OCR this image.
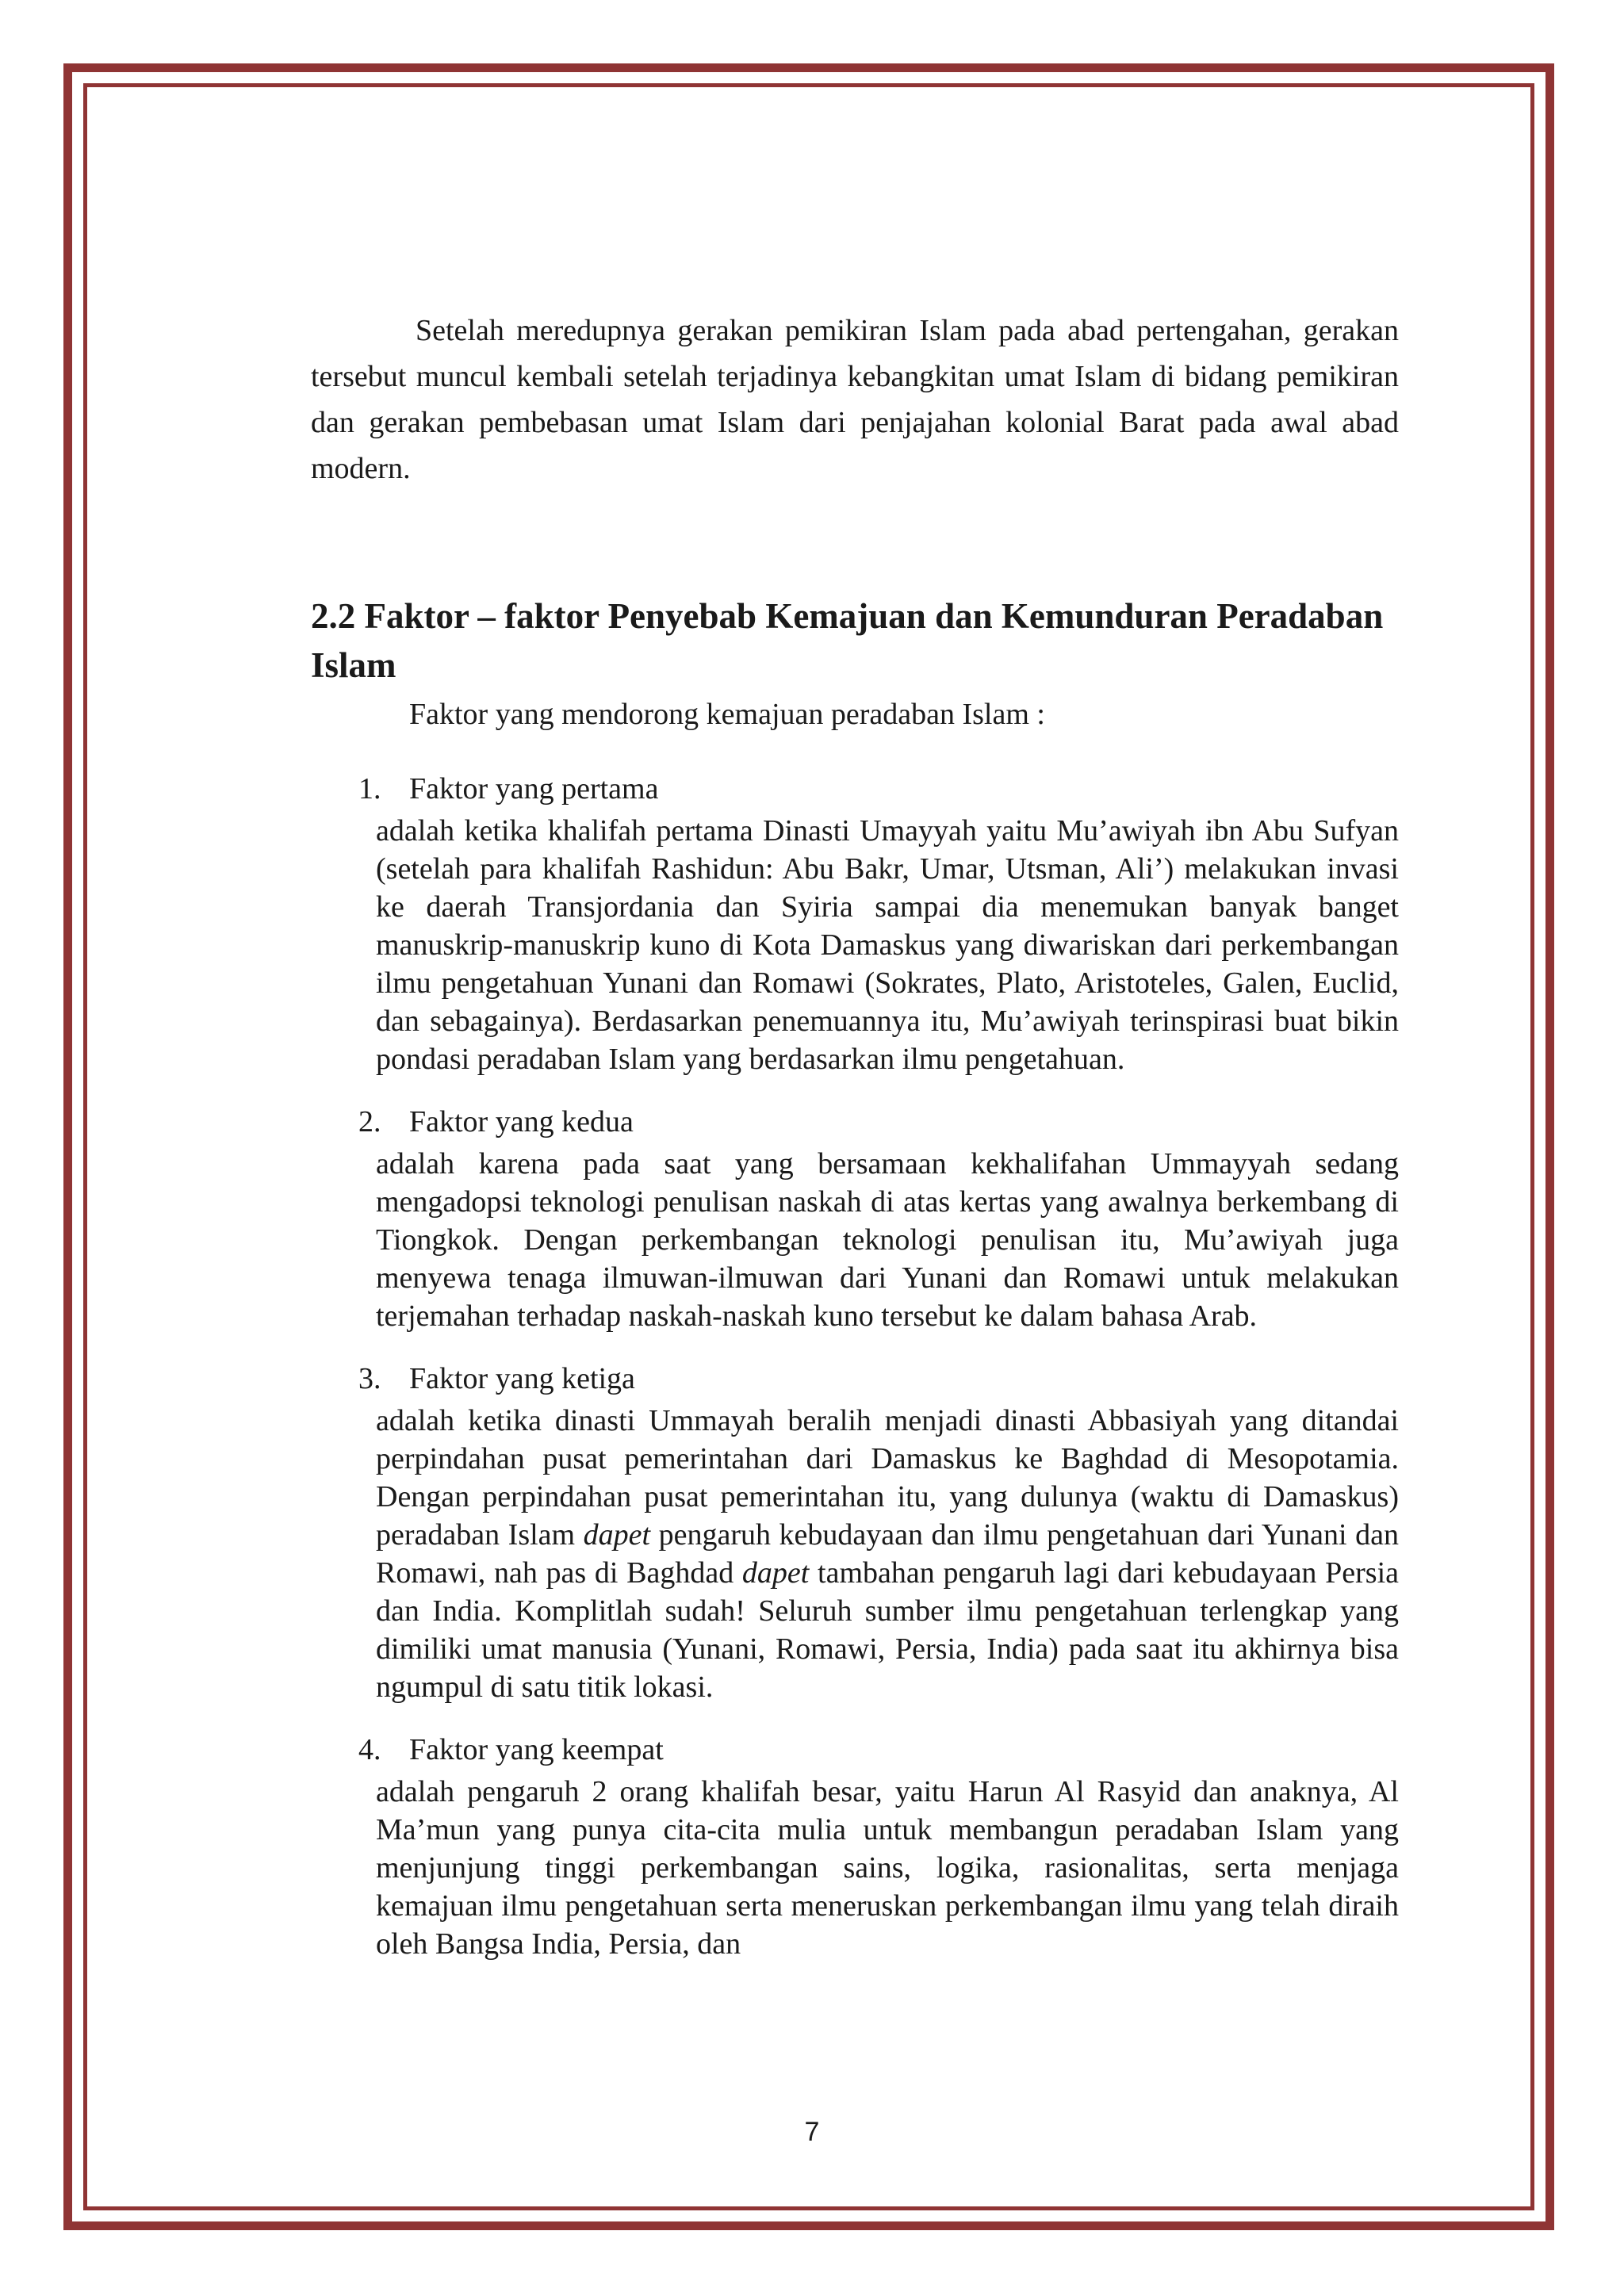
Setelah meredupnya gerakan pemikiran Islam pada abad pertengahan, gerakan tersebut muncul kembali setelah terjadinya kebangkitan umat Islam di bidang pemikiran dan gerakan pembebasan umat Islam dari penjajahan kolonial Barat pada awal abad modern.

2.2 Faktor – faktor Penyebab Kemajuan dan Kemunduran Peradaban Islam

Faktor yang mendorong kemajuan peradaban Islam :

1. Faktor yang pertama
adalah ketika khalifah pertama Dinasti Umayyah yaitu Mu’awiyah ibn Abu Sufyan (setelah para khalifah Rashidun: Abu Bakr, Umar, Utsman, Ali’) melakukan invasi ke daerah Transjordania dan Syiria sampai dia menemukan banyak banget manuskrip-manuskrip kuno di Kota Damaskus yang diwariskan dari perkembangan ilmu pengetahuan Yunani dan Romawi (Sokrates, Plato, Aristoteles, Galen, Euclid, dan sebagainya). Berdasarkan penemuannya itu, Mu’awiyah terinspirasi buat bikin pondasi peradaban Islam yang berdasarkan ilmu pengetahuan.
2. Faktor yang kedua
adalah karena pada saat yang bersamaan kekhalifahan Ummayyah sedang mengadopsi teknologi penulisan naskah di atas kertas yang awalnya berkembang di Tiongkok. Dengan perkembangan teknologi penulisan itu, Mu’awiyah juga menyewa tenaga ilmuwan-ilmuwan dari Yunani dan Romawi untuk melakukan terjemahan terhadap naskah-naskah kuno tersebut ke dalam bahasa Arab.
3. Faktor yang ketiga
adalah ketika dinasti Ummayah beralih menjadi dinasti Abbasiyah yang ditandai perpindahan pusat pemerintahan dari Damaskus ke Baghdad di Mesopotamia. Dengan perpindahan pusat pemerintahan itu, yang dulunya (waktu di Damaskus) peradaban Islam dapet pengaruh kebudayaan dan ilmu pengetahuan dari Yunani dan Romawi, nah pas di Baghdad dapet tambahan pengaruh lagi dari kebudayaan Persia dan India. Komplitlah sudah! Seluruh sumber ilmu pengetahuan terlengkap yang dimiliki umat manusia (Yunani, Romawi, Persia, India) pada saat itu akhirnya bisa ngumpul di satu titik lokasi.
4. Faktor yang keempat
adalah pengaruh 2 orang khalifah besar, yaitu Harun Al Rasyid dan anaknya, Al Ma’mun yang punya cita-cita mulia untuk membangun peradaban Islam yang menjunjung tinggi perkembangan sains, logika, rasionalitas, serta menjaga kemajuan ilmu pengetahuan serta meneruskan perkembangan ilmu yang telah diraih oleh Bangsa India, Persia, dan
7
